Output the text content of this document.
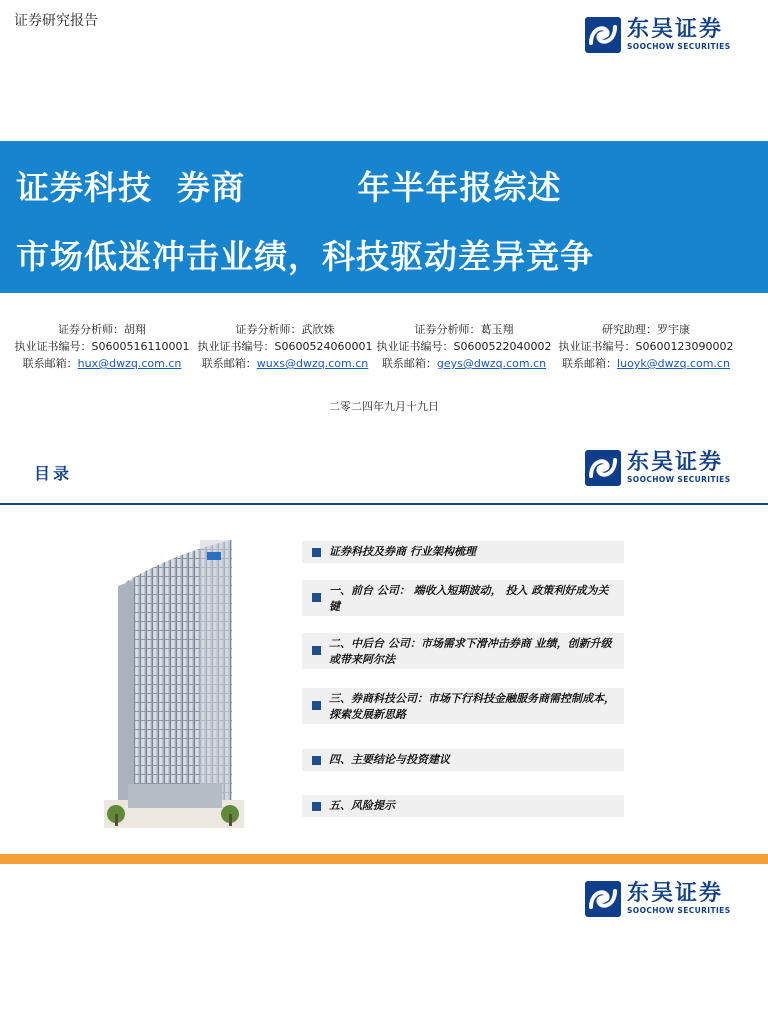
证券研究报告	东吴证券
SOOCHOW SECURITIES
证券科技  券商         年半年报综述
市场低迷冲击业绩，科技驱动差异竞争
证券分析师：胡翔
执业证书编号：S0600516110001
联系邮箱：hux@dwzq.com.cn
证券分析师：武欣姝
执业证书编号：S0600524060001
联系邮箱：wuxs@dwzq.com.cn
证券分析师：葛玉翔
执业证书编号：S0600522040002
联系邮箱：geys@dwzq.com.cn
研究助理：罗宇康
执业证书编号：S0600123090002
联系邮箱：luoyk@dwzq.com.cn
二零二四年九月十九日
目录	东吴证券
SOOCHOW SECURITIES
证券科技及券商 行业架构梳理
一、前台 公司： 端收入短期波动， 投入 政策利好成为关键
二、中后台 公司：市场需求下滑冲击券商 业绩，创新升级或带来阿尔法
三、券商科技公司：市场下行科技金融服务商需控制成本，探索发展新思路
四、主要结论与投资建议
五、风险提示
东吴证券
SOOCHOW SECURITIES
